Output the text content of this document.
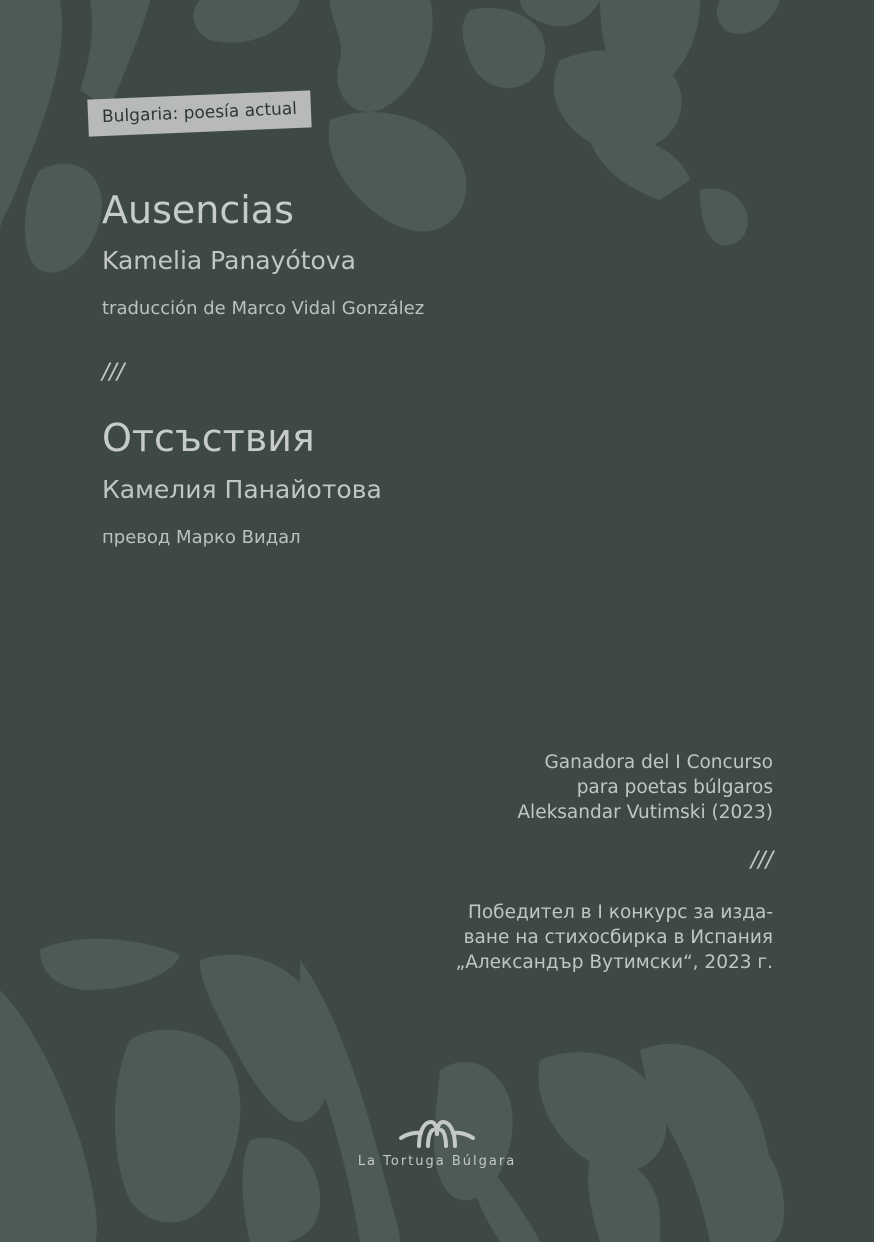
Bulgaria: poesía actual
Ausencias
Kamelia Panayótova
traducción de Marco Vidal González
///
Отсъствия
Камелия Панайотова
превод Марко Видал
Ganadora del I Concurso
para poetas búlgaros
Aleksandar Vutimski (2023)
///
Победител в I конкурс за изда-
ване на стихосбирка в Испания
„Александър Вутимски“, 2023 г.
La Tortuga Búlgara
